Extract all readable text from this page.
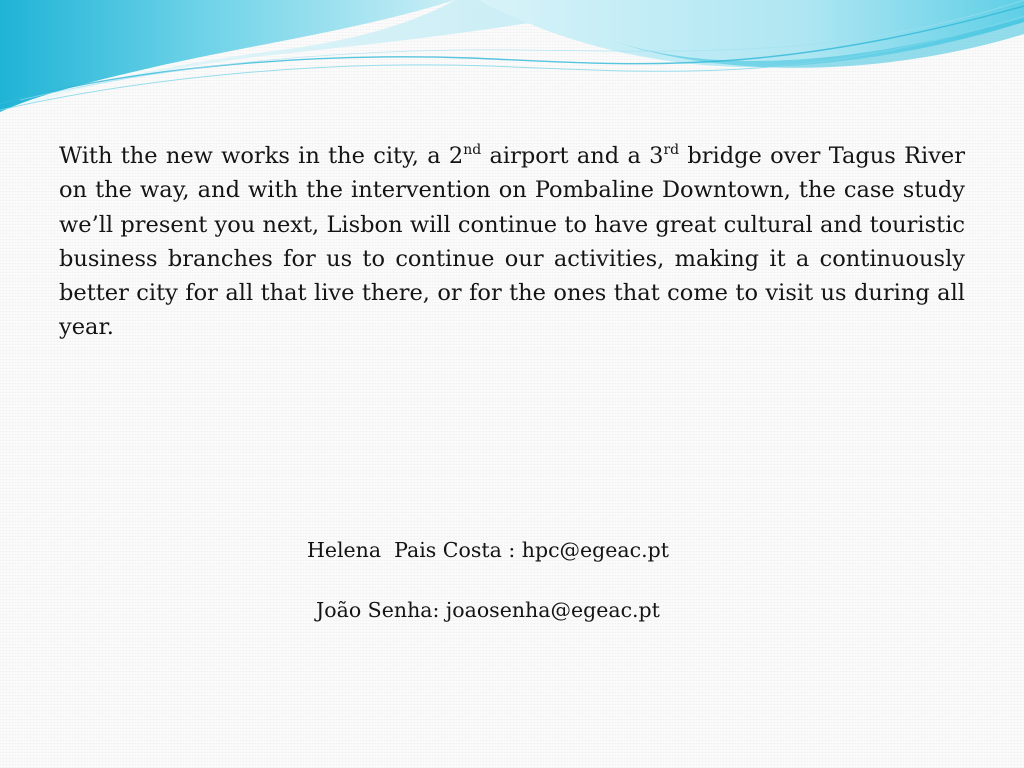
With the new works in the city, a 2nd airport and a 3rd bridge over Tagus River on the way, and with the intervention on Pombaline Downtown, the case study we’ll present you next, Lisbon will continue to have great cultural and touristic business branches for us to continue our activities, making it a continuously better city for all that live there, or for the ones that come to visit us during all year.

Helena  Pais Costa : hpc@egeac.pt

João Senha: joaosenha@egeac.pt
